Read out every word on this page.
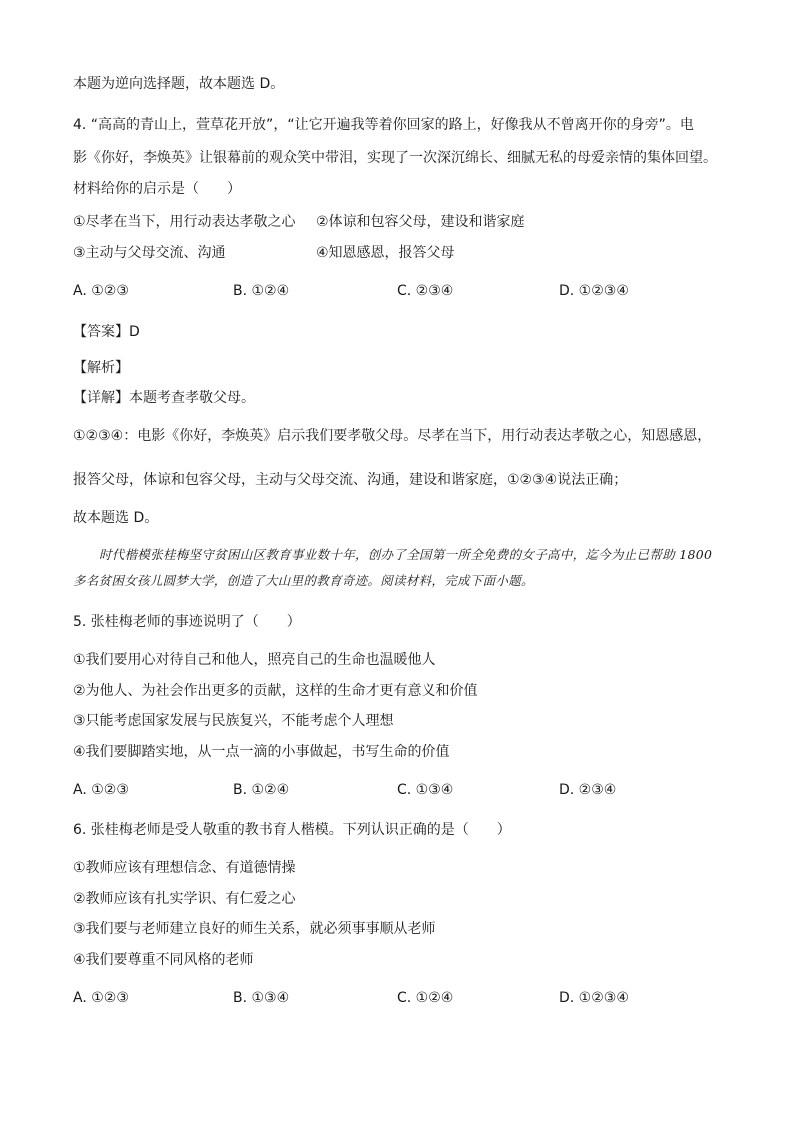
本题为逆向选择题，故本题选 D。
4. “高高的青山上，萱草花开放”，“让它开遍我等着你回家的路上，好像我从不曾离开你的身旁”。电
影《你好，李焕英》让银幕前的观众笑中带泪，实现了一次深沉绵长、细腻无私的母爱亲情的集体回望。
材料给你的启示是（　　）
①尽孝在当下，用行动表达孝敬之心 ②体谅和包容父母，建设和谐家庭
③主动与父母交流、沟通	④知恩感恩，报答父母
A. ①②③	B. ①②④	C. ②③④	D. ①②③④
【答案】D
【解析】
【详解】本题考查孝敬父母。
①②③④：电影《你好，李焕英》启示我们要孝敬父母。尽孝在当下，用行动表达孝敬之心，知恩感恩，
报答父母，体谅和包容父母，主动与父母交流、沟通，建设和谐家庭，①②③④说法正确；
故本题选 D。
时代楷模张桂梅坚守贫困山区教育事业数十年，创办了全国第一所全免费的女子高中，迄今为止已帮助 1800 多名贫困女孩儿圆梦大学，创造了大山里的教育奇迹。阅读材料，完成下面小题。
5. 张桂梅老师的事迹说明了（　　）
①我们要用心对待自己和他人，照亮自己的生命也温暖他人
②为他人、为社会作出更多的贡献，这样的生命才更有意义和价值
③只能考虑国家发展与民族复兴，不能考虑个人理想
④我们要脚踏实地，从一点一滴的小事做起，书写生命的价值
A. ①②③	B. ①②④	C. ①③④	D. ②③④
6. 张桂梅老师是受人敬重的教书育人楷模。下列认识正确的是（　　）
①教师应该有理想信念、有道德情操
②教师应该有扎实学识、有仁爱之心
③我们要与老师建立良好的师生关系，就必须事事顺从老师
④我们要尊重不同风格的老师
A. ①②③	B. ①③④	C. ①②④	D. ①②③④
